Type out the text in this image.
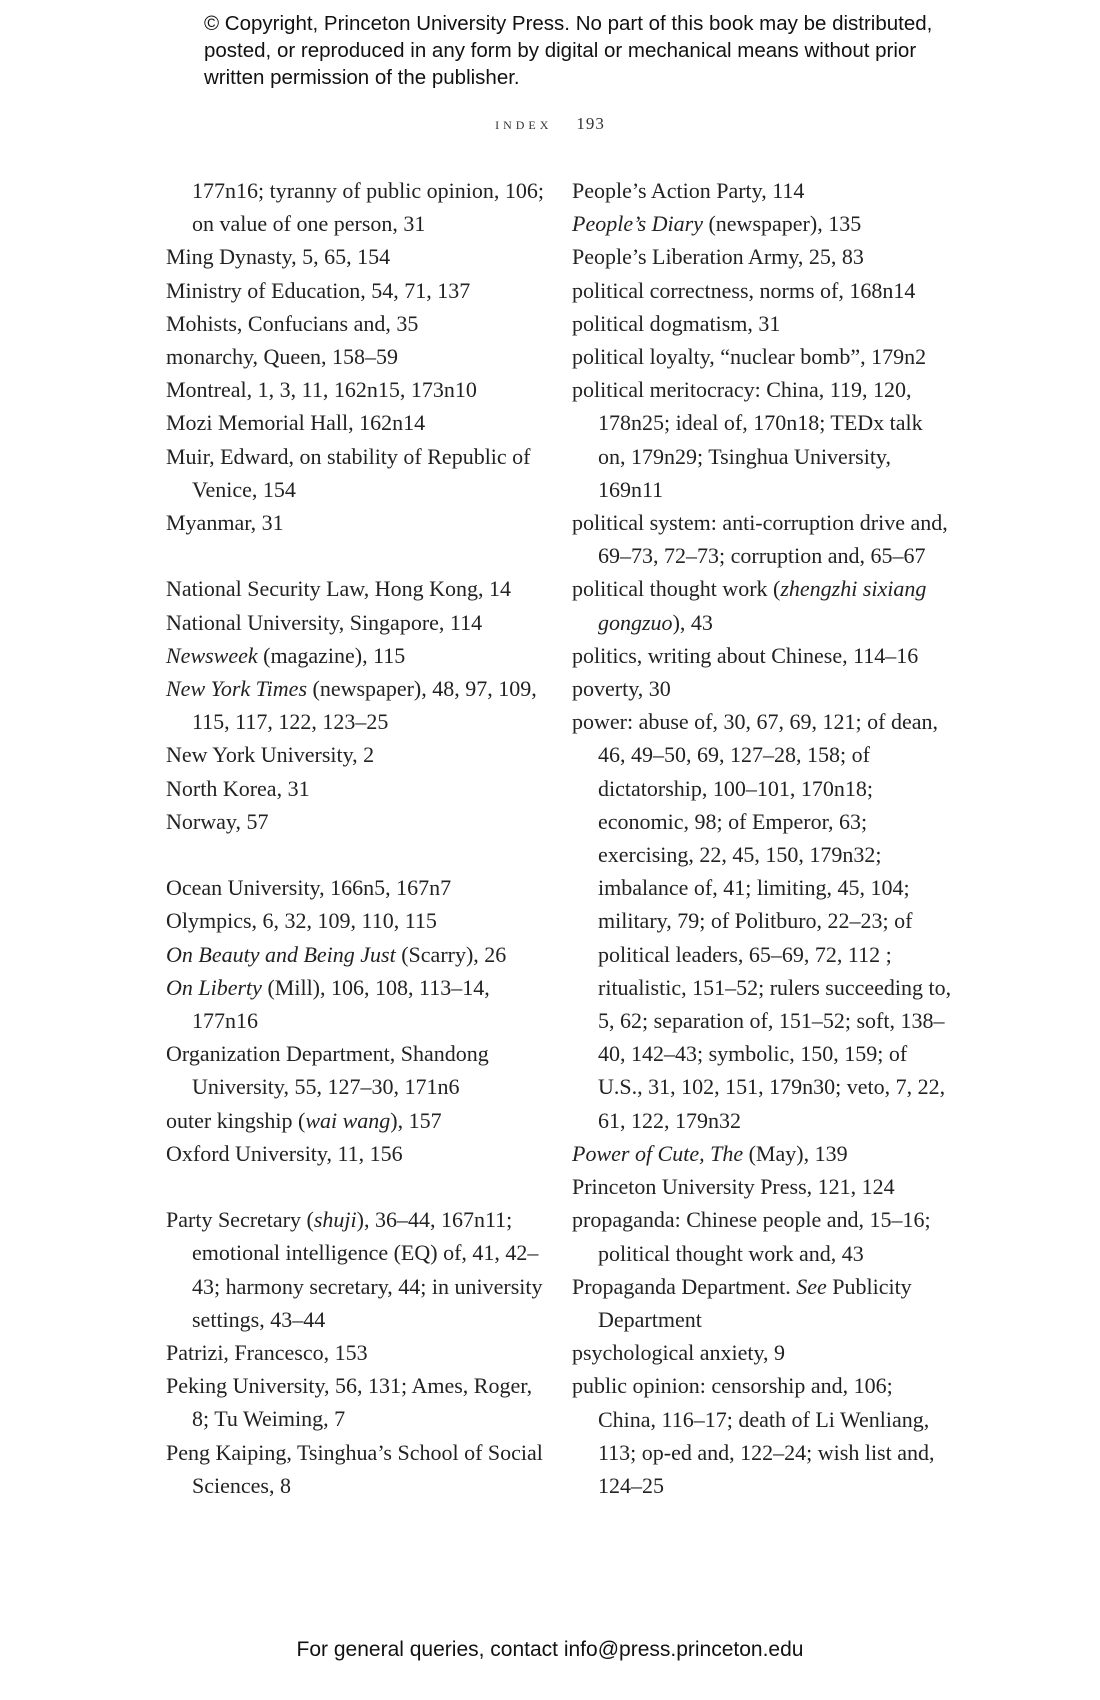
© Copyright, Princeton University Press. No part of this book may be distributed, posted, or reproduced in any form by digital or mechanical means without prior written permission of the publisher.
index 193

177n16; tyranny of public opinion, 106; on value of one person, 31

Ming Dynasty, 5, 65, 154

Ministry of Education, 54, 71, 137

Mohists, Confucians and, 35

monarchy, Queen, 158–59

Montreal, 1, 3, 11, 162n15, 173n10

Mozi Memorial Hall, 162n14

Muir, Edward, on stability of Republic of Venice, 154

Myanmar, 31

National Security Law, Hong Kong, 14

National University, Singapore, 114

Newsweek (magazine), 115

New York Times (newspaper), 48, 97, 109, 115, 117, 122, 123–25

New York University, 2

North Korea, 31

Norway, 57

Ocean University, 166n5, 167n7

Olympics, 6, 32, 109, 110, 115

On Beauty and Being Just (Scarry), 26

On Liberty (Mill), 106, 108, 113–14, 177n16

Organization Department, Shandong University, 55, 127–30, 171n6

outer kingship (wai wang), 157

Oxford University, 11, 156

Party Secretary (shuji), 36–44, 167n11; emotional intelligence (EQ) of, 41, 42–43; harmony secretary, 44; in university settings, 43–44

Patrizi, Francesco, 153

Peking University, 56, 131; Ames, Roger, 8; Tu Weiming, 7

Peng Kaiping, Tsinghua’s School of Social Sciences, 8

People’s Action Party, 114

People’s Diary (newspaper), 135

People’s Liberation Army, 25, 83

political correctness, norms of, 168n14

political dogmatism, 31

political loyalty, “nuclear bomb”, 179n2

political meritocracy: China, 119, 120, 178n25; ideal of, 170n18; TEDx talk on, 179n29; Tsinghua University, 169n11

political system: anti-corruption drive and, 69–73, 72–73; corruption and, 65–67

political thought work (zhengzhi sixiang gongzuo), 43

politics, writing about Chinese, 114–16

poverty, 30

power: abuse of, 30, 67, 69, 121; of dean, 46, 49–50, 69, 127–28, 158; of dictatorship, 100–101, 170n18; economic, 98; of Emperor, 63; exercising, 22, 45, 150, 179n32; imbalance of, 41; limiting, 45, 104; military, 79; of Politburo, 22–23; of political leaders, 65–69, 72, 112 ; ritualistic, 151–52; rulers succeeding to, 5, 62; separation of, 151–52; soft, 138–40, 142–43; symbolic, 150, 159; of U.S., 31, 102, 151, 179n30; veto, 7, 22, 61, 122, 179n32

Power of Cute, The (May), 139

Princeton University Press, 121, 124

propaganda: Chinese people and, 15–16; political thought work and, 43

Propaganda Department. See Publicity Department

psychological anxiety, 9

public opinion: censorship and, 106; China, 116–17; death of Li Wenliang, 113; op-ed and, 122–24; wish list and, 124–25

For general queries, contact info@press.princeton.edu
